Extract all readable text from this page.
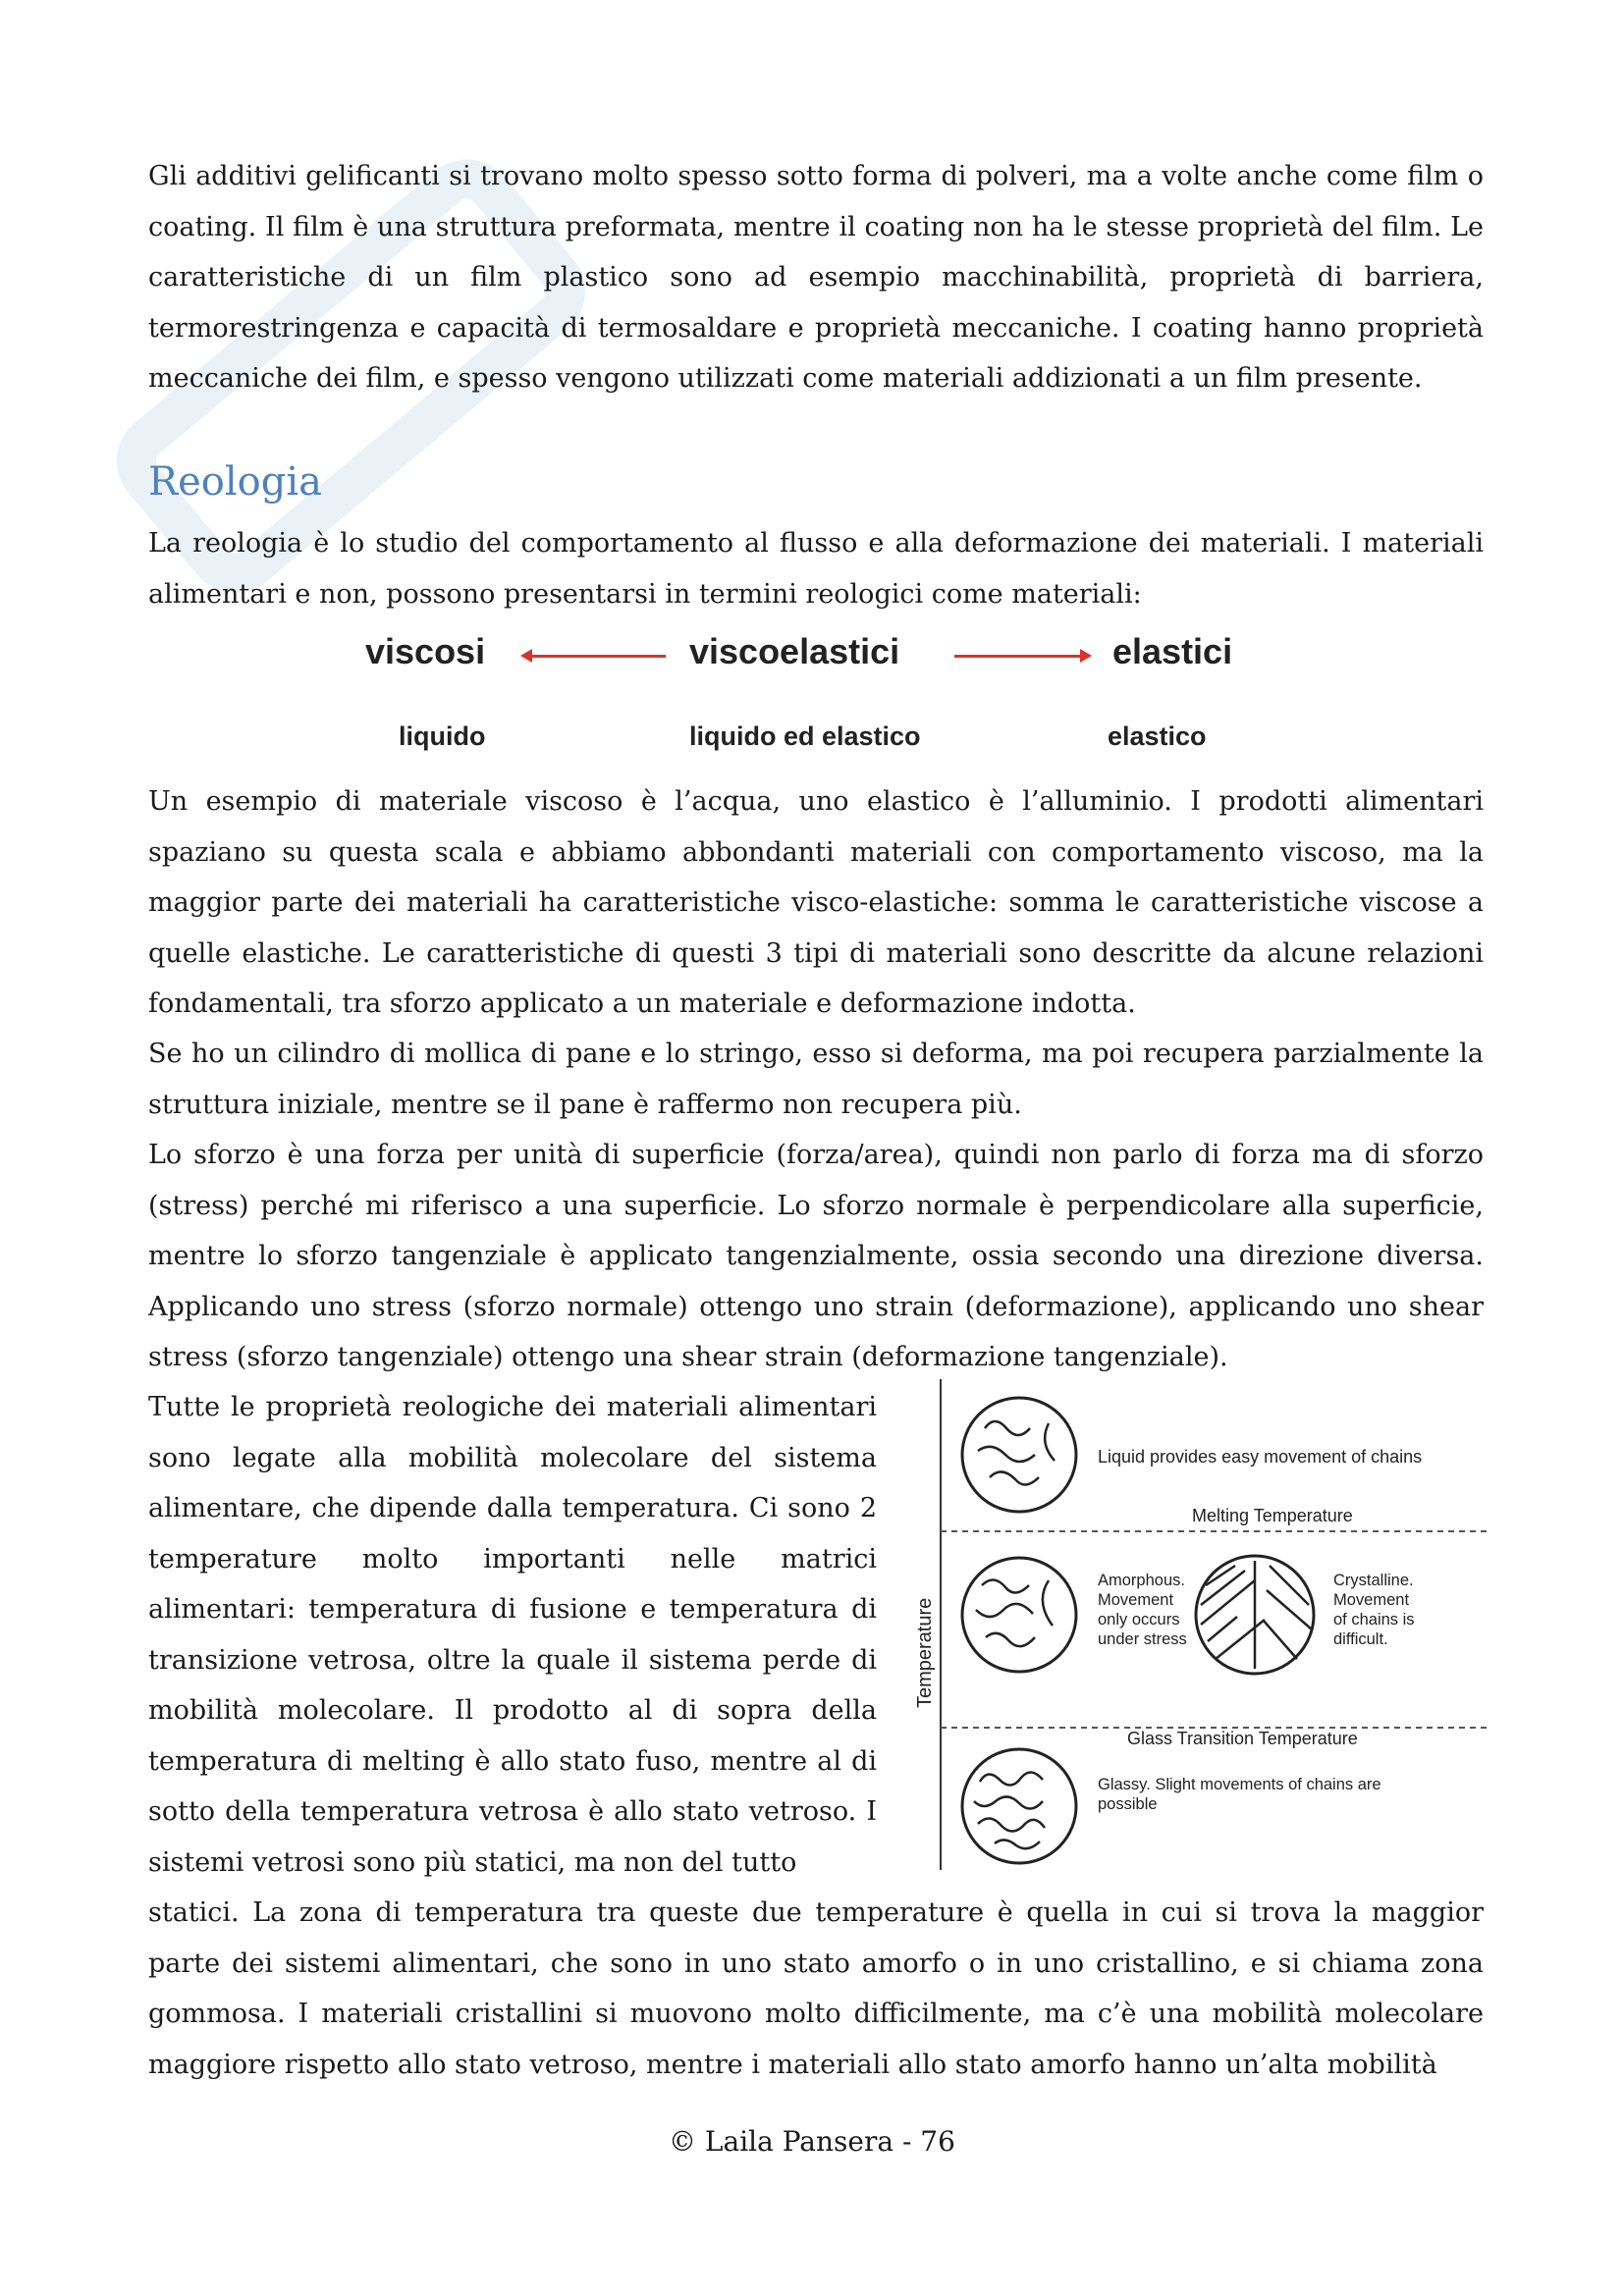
Gli additivi gelificanti si trovano molto spesso sotto forma di polveri, ma a volte anche come film o coating. Il film è una struttura preformata, mentre il coating non ha le stesse proprietà del film. Le caratteristiche di un film plastico sono ad esempio macchinabilità, proprietà di barriera, termorestringenza e capacità di termosaldare e proprietà meccaniche. I coating hanno proprietà meccaniche dei film, e spesso vengono utilizzati come materiali addizionati a un film presente.

Reologia

La reologia è lo studio del comportamento al flusso e alla deformazione dei materiali. I materiali alimentari e non, possono presentarsi in termini reologici come materiali:

viscosi	viscoelastici	elastici
liquido	liquido ed elastico	elastico

Un esempio di materiale viscoso è l’acqua, uno elastico è l’alluminio. I prodotti alimentari spaziano su questa scala e abbiamo abbondanti materiali con comportamento viscoso, ma la maggior parte dei materiali ha caratteristiche visco-elastiche: somma le caratteristiche viscose a quelle elastiche. Le caratteristiche di questi 3 tipi di materiali sono descritte da alcune relazioni fondamentali, tra sforzo applicato a un materiale e deformazione indotta.

Se ho un cilindro di mollica di pane e lo stringo, esso si deforma, ma poi recupera parzialmente la struttura iniziale, mentre se il pane è raffermo non recupera più.

Lo sforzo è una forza per unità di superficie (forza/area), quindi non parlo di forza ma di sforzo (stress) perché mi riferisco a una superficie. Lo sforzo normale è perpendicolare alla superficie, mentre lo sforzo tangenziale è applicato tangenzialmente, ossia secondo una direzione diversa. Applicando uno stress (sforzo normale) ottengo uno strain (deformazione), applicando uno shear stress (sforzo tangenziale) ottengo una shear strain (deformazione tangenziale).

Tutte le proprietà reologiche dei materiali alimentari sono legate alla mobilità molecolare del sistema alimentare, che dipende dalla temperatura. Ci sono 2 temperature molto importanti nelle matrici alimentari: temperatura di fusione e temperatura di transizione vetrosa, oltre la quale il sistema perde di mobilità molecolare. Il prodotto al di sopra della temperatura di melting è allo stato fuso, mentre al di sotto della temperatura vetrosa è allo stato vetroso. I sistemi vetrosi sono più statici, ma non del tutto

statici. La zona di temperatura tra queste due temperature è quella in cui si trova la maggior parte dei sistemi alimentari, che sono in uno stato amorfo o in uno cristallino, e si chiama zona gommosa. I materiali cristallini si muovono molto difficilmente, ma c’è una mobilità molecolare maggiore rispetto allo stato vetroso, mentre i materiali allo stato amorfo hanno un’alta mobilità

Temperature
Liquid provides easy movement of chains
Melting Temperature
Amorphous. Movement only occurs under stress
Crystalline. Movement of chains is difficult.
Glass Transition Temperature
Glassy. Slight movements of chains are possible
© Laila Pansera - 76
